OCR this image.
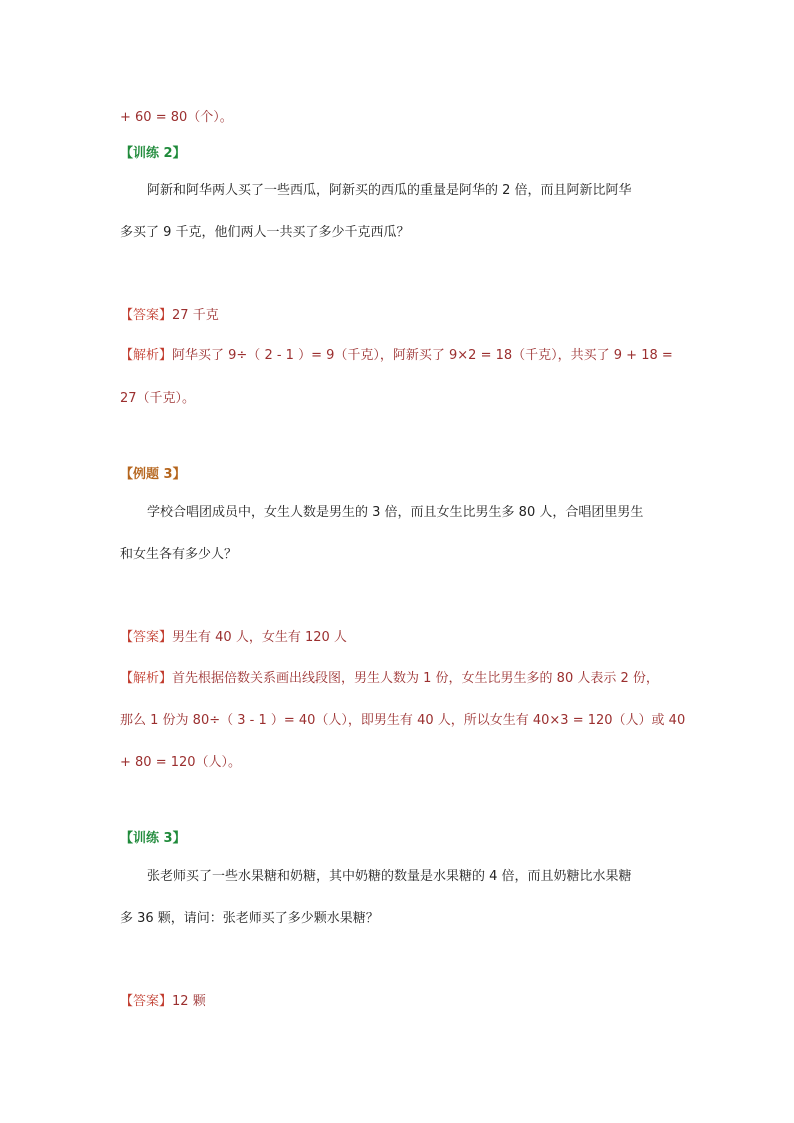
+ 60 = 80（个）。
【训练 2】
阿新和阿华两人买了一些西瓜，阿新买的西瓜的重量是阿华的 2 倍，而且阿新比阿华
多买了 9 千克，他们两人一共买了多少千克西瓜？
【答案】27 千克
【解析】阿华买了 9÷（ 2 - 1 ）= 9（千克），阿新买了 9×2 = 18（千克），共买了 9 + 18 =
27（千克）。
【例题 3】
学校合唱团成员中，女生人数是男生的 3 倍，而且女生比男生多 80 人，合唱团里男生
和女生各有多少人？
【答案】男生有 40 人，女生有 120 人
【解析】首先根据倍数关系画出线段图，男生人数为 1 份，女生比男生多的 80 人表示 2 份，
那么 1 份为 80÷（ 3 - 1 ）= 40（人），即男生有 40 人，所以女生有 40×3 = 120（人）或 40
+ 80 = 120（人）。
【训练 3】
张老师买了一些水果糖和奶糖，其中奶糖的数量是水果糖的 4 倍，而且奶糖比水果糖
多 36 颗，请问：张老师买了多少颗水果糖？
【答案】12 颗
